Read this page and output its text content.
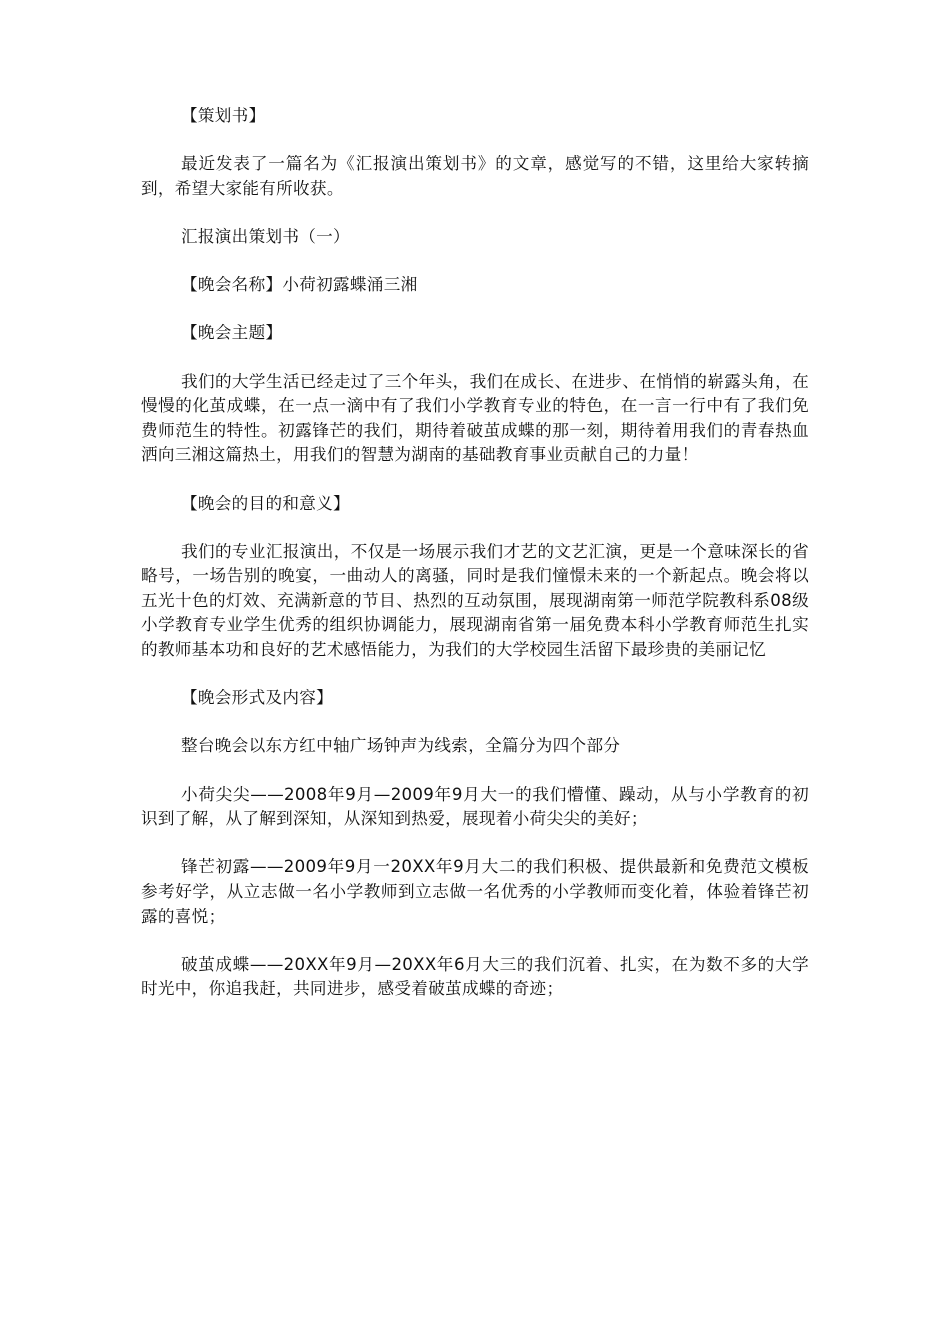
【策划书】

最近发表了一篇名为《汇报演出策划书》的文章，感觉写的不错，这里给大家转摘到，希望大家能有所收获。

汇报演出策划书（一）

【晚会名称】小荷初露蝶涌三湘

【晚会主题】

我们的大学生活已经走过了三个年头，我们在成长、在进步、在悄悄的崭露头角，在慢慢的化茧成蝶，在一点一滴中有了我们小学教育专业的特色，在一言一行中有了我们免费师范生的特性。初露锋芒的我们，期待着破茧成蝶的那一刻，期待着用我们的青春热血洒向三湘这篇热土，用我们的智慧为湖南的基础教育事业贡献自己的力量！

【晚会的目的和意义】

我们的专业汇报演出，不仅是一场展示我们才艺的文艺汇演，更是一个意味深长的省略号，一场告别的晚宴，一曲动人的离骚，同时是我们憧憬未来的一个新起点。晚会将以五光十色的灯效、充满新意的节目、热烈的互动氛围，展现湖南第一师范学院教科系08级小学教育专业学生优秀的组织协调能力，展现湖南省第一届免费本科小学教育师范生扎实的教师基本功和良好的艺术感悟能力，为我们的大学校园生活留下最珍贵的美丽记忆

【晚会形式及内容】

整台晚会以东方红中轴广场钟声为线索，全篇分为四个部分

小荷尖尖——2008年9月—2009年9月大一的我们懵懂、躁动，从与小学教育的初识到了解，从了解到深知，从深知到热爱，展现着小荷尖尖的美好；

锋芒初露——2009年9月一20XX年9月大二的我们积极、提供最新和免费范文模板参考好学，从立志做一名小学教师到立志做一名优秀的小学教师而变化着，体验着锋芒初露的喜悦；

破茧成蝶——20XX年9月—20XX年6月大三的我们沉着、扎实，在为数不多的大学时光中，你追我赶，共同进步，感受着破茧成蝶的奇迹；
